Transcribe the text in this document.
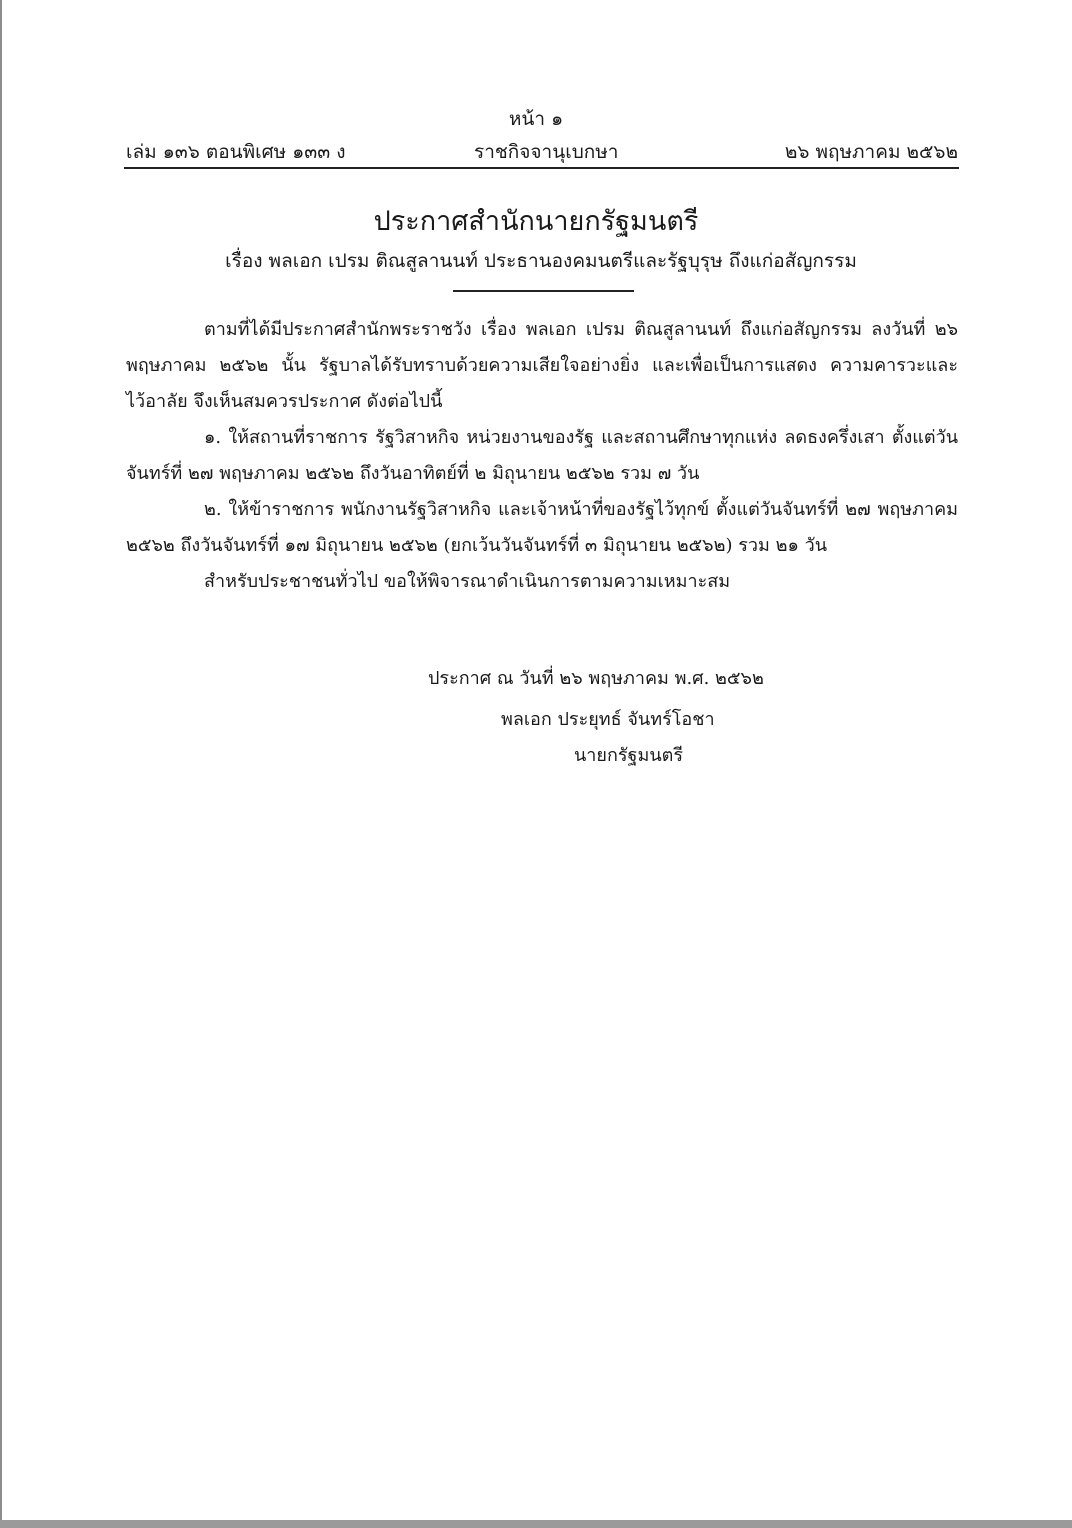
หน้า ๑
เล่ม ๑๓๖ ตอนพิเศษ ๑๓๓ ง	ราชกิจจานุเบกษา	๒๖ พฤษภาคม ๒๕๖๒
ประกาศสำนักนายกรัฐมนตรี
เรื่อง พลเอก เปรม ติณสูลานนท์ ประธานองคมนตรีและรัฐบุรุษ ถึงแก่อสัญกรรม
ตามที่ได้มีประกาศสำนักพระราชวัง เรื่อง พลเอก เปรม ติณสูลานนท์ ถึงแก่อสัญกรรม ลงวันที่ ๒๖ พฤษภาคม ๒๕๖๒ นั้น รัฐบาลได้รับทราบด้วยความเสียใจอย่างยิ่ง และเพื่อเป็นการแสดง ความคารวะและไว้อาลัย จึงเห็นสมควรประกาศ ดังต่อไปนี้
๑. ให้สถานที่ราชการ รัฐวิสาหกิจ หน่วยงานของรัฐ และสถานศึกษาทุกแห่ง ลดธงครึ่งเสา ตั้งแต่วันจันทร์ที่ ๒๗ พฤษภาคม ๒๕๖๒ ถึงวันอาทิตย์ที่ ๒ มิถุนายน ๒๕๖๒ รวม ๗ วัน
๒. ให้ข้าราชการ พนักงานรัฐวิสาหกิจ และเจ้าหน้าที่ของรัฐไว้ทุกข์ ตั้งแต่วันจันทร์ที่ ๒๗ พฤษภาคม ๒๕๖๒ ถึงวันจันทร์ที่ ๑๗ มิถุนายน ๒๕๖๒ (ยกเว้นวันจันทร์ที่ ๓ มิถุนายน ๒๕๖๒) รวม ๒๑ วัน
สำหรับประชาชนทั่วไป ขอให้พิจารณาดำเนินการตามความเหมาะสม
ประกาศ ณ วันที่ ๒๖ พฤษภาคม พ.ศ. ๒๕๖๒
พลเอก ประยุทธ์ จันทร์โอชา
นายกรัฐมนตรี
